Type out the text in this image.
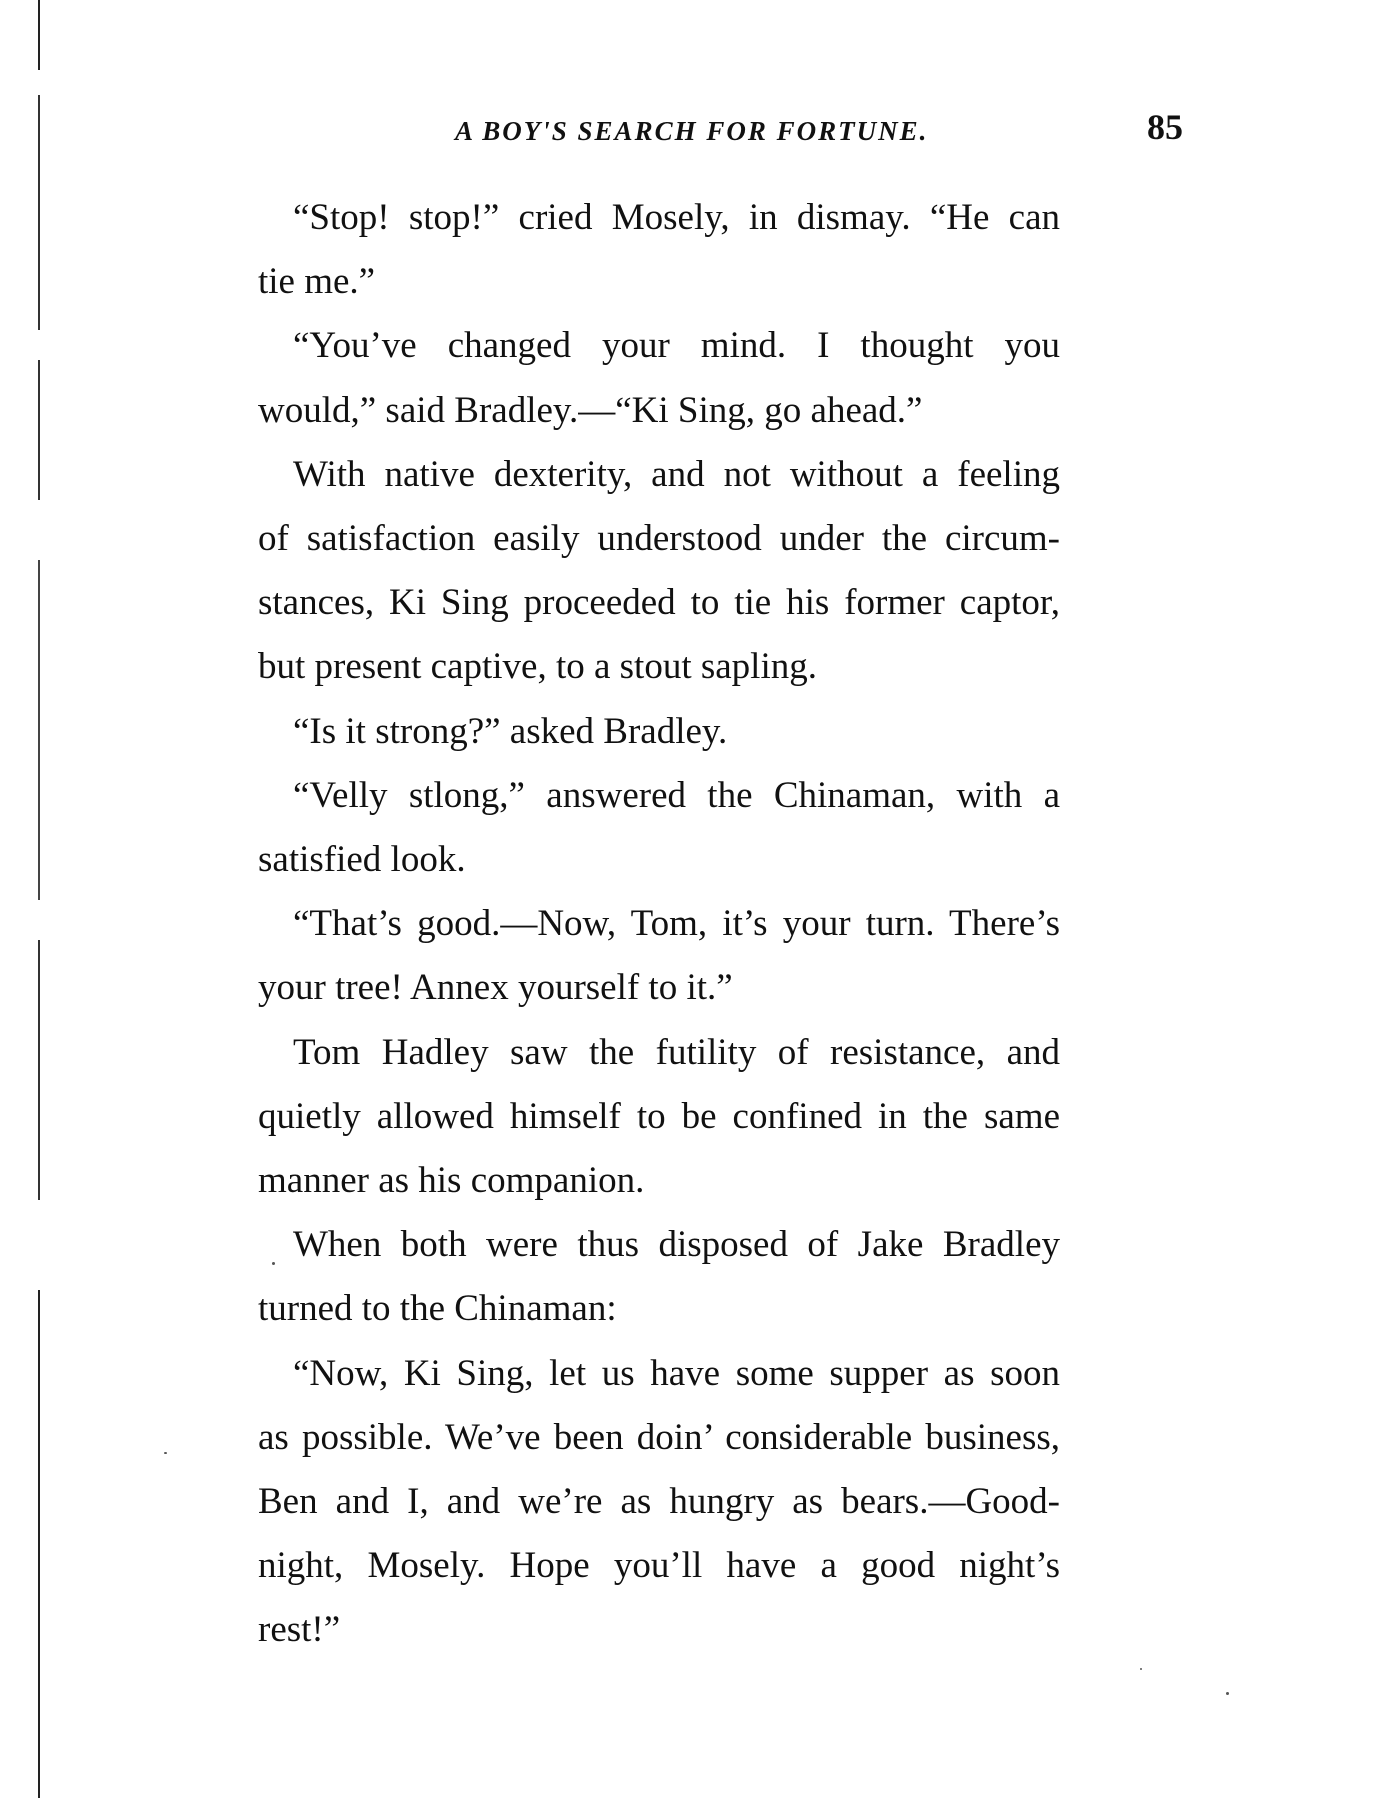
A BOY'S SEARCH FOR FORTUNE.	85
“Stop! stop!” cried Mosely, in dismay. “He can
tie me.”
“You’ve changed your mind. I thought you
would,” said Bradley.—“Ki Sing, go ahead.”
With native dexterity, and not without a feeling
of satisfaction easily understood under the circum-
stances, Ki Sing proceeded to tie his former captor,
but present captive, to a stout sapling.
“Is it strong?” asked Bradley.
“Velly stlong,” answered the Chinaman, with a
satisfied look.
“That’s good.—Now, Tom, it’s your turn. There’s
your tree! Annex yourself to it.”
Tom Hadley saw the futility of resistance, and
quietly allowed himself to be confined in the same
manner as his companion.
When both were thus disposed of Jake Bradley
turned to the Chinaman:
“Now, Ki Sing, let us have some supper as soon
as possible. We’ve been doin’ considerable business,
Ben and I, and we’re as hungry as bears.—Good-
night, Mosely. Hope you’ll have a good night’s
rest!”
